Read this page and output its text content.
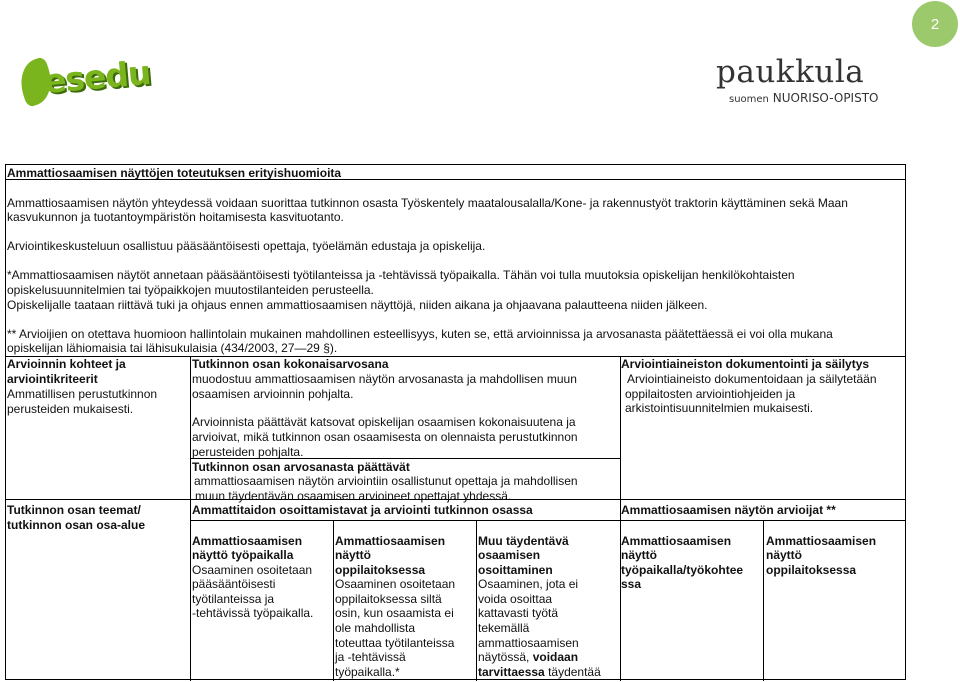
2
esedu	paukkula
suomen NUORISO-OPISTO
Ammattiosaamisen näyttöjen toteutuksen erityishuomioita
Ammattiosaamisen näytön yhteydessä voidaan suorittaa tutkinnon osasta Työskentely maatalousalalla/Kone- ja rakennustyöt traktorin käyttäminen sekä Maan
kasvukunnon ja tuotantoympäristön hoitamisesta kasvituotanto.
Arviointikeskusteluun osallistuu pääsääntöisesti opettaja, työelämän edustaja ja opiskelija.
*Ammattiosaamisen näytöt annetaan pääsääntöisesti työtilanteissa ja -tehtävissä työpaikalla. Tähän voi tulla muutoksia opiskelijan henkilökohtaisten
opiskelusuunnitelmien tai työpaikkojen muutostilanteiden perusteella.
Opiskelijalle taataan riittävä tuki ja ohjaus ennen ammattiosaamisen näyttöjä, niiden aikana ja ohjaavana palautteena niiden jälkeen.
** Arvioijien on otettava huomioon hallintolain mukainen mahdollinen esteellisyys, kuten se, että arvioinnissa ja arvosanasta päätettäessä ei voi olla mukana
opiskelijan lähiomaisia tai lähisukulaisia (434/2003, 27—29 §).
Arvioinnin kohteet ja
arviointikriteerit
Ammatillisen perustutkinnon
perusteiden mukaisesti.
Tutkinnon osan kokonaisarvosana
muodostuu ammattiosaamisen näytön arvosanasta ja mahdollisen muun
osaamisen arvioinnin pohjalta.
Arvioinnista päättävät katsovat opiskelijan osaamisen kokonaisuutena ja
arvioivat, mikä tutkinnon osan osaamisesta on olennaista perustutkinnon
perusteiden pohjalta.
Tutkinnon osan arvosanasta päättävät
ammattiosaamisen näytön arviointiin osallistunut opettaja ja mahdollisen
muun täydentävän osaamisen arvioineet opettajat yhdessä.
Arviointiaineiston dokumentointi ja säilytys
Arviointiaineisto dokumentoidaan ja säilytetään
oppilaitosten arviointiohjeiden ja
arkistointisuunnitelmien mukaisesti.
Tutkinnon osan teemat/
tutkinnon osan osa-alue
Ammattitaidon osoittamistavat ja arviointi tutkinnon osassa	Ammattiosaamisen näytön arvioijat **
Ammattiosaamisen
näyttö työpaikalla
Osaaminen osoitetaan
pääsääntöisesti
työtilanteissa ja
-tehtävissä työpaikalla.
Ammattiosaamisen
näyttö
oppilaitoksessa
Osaaminen osoitetaan
oppilaitoksessa siltä
osin, kun osaamista ei
ole mahdollista
toteuttaa työtilanteissa
ja -tehtävissä
työpaikalla.*
Muu täydentävä
osaamisen
osoittaminen
Osaaminen, jota ei
voida osoittaa
kattavasti työtä
tekemällä
ammattiosaamisen
näytössä, voidaan
tarvittaessa täydentää
Ammattiosaamisen
näyttö
työpaikalla/työkohtee
ssa
Ammattiosaamisen
näyttö
oppilaitoksessa
